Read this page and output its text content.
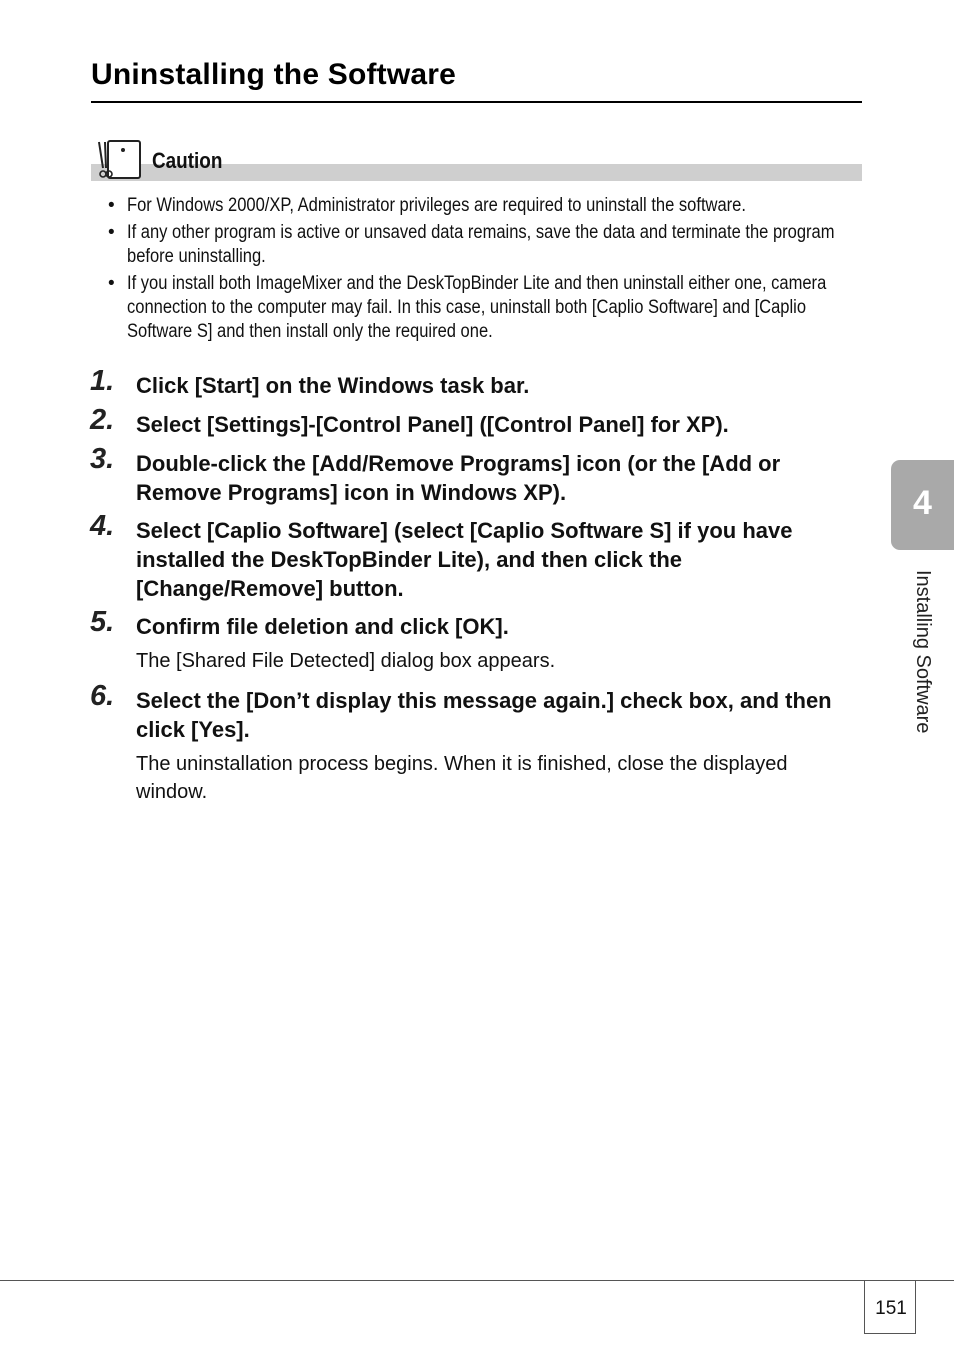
Uninstalling the Software
Caution
• For Windows 2000/XP, Administrator privileges are required to uninstall the software.
• If any other program is active or unsaved data remains, save the data and terminate the program before uninstalling.
• If you install both ImageMixer and the DeskTopBinder Lite and then uninstall either one, camera connection to the computer may fail. In this case, uninstall both [Caplio Software] and [Caplio Software S] and then install only the required one.
1. Click [Start] on the Windows task bar.
2. Select [Settings]-[Control Panel] ([Control Panel] for XP).
3. Double-click the [Add/Remove Programs] icon (or the [Add or Remove Programs] icon in Windows XP).
4. Select [Caplio Software] (select [Caplio Software S] if you have installed the DeskTopBinder Lite), and then click the [Change/Remove] button.
5. Confirm file deletion and click [OK].
The [Shared File Detected] dialog box appears.
6. Select the [Don’t display this message again.] check box, and then click [Yes].
The uninstallation process begins. When it is finished, close the displayed window.
4
Installing Software
151
